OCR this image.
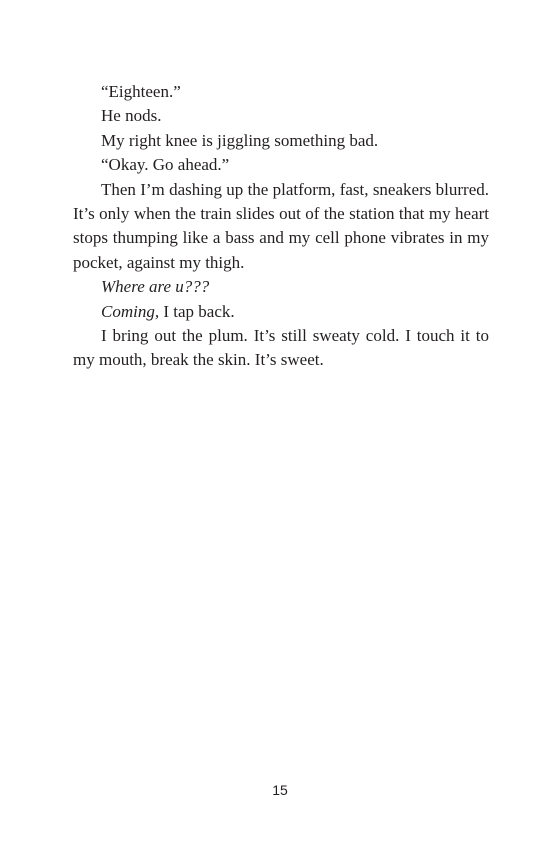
“Eighteen.”

He nods.

My right knee is jiggling something bad.

“Okay. Go ahead.”

Then I’m dashing up the platform, fast, sneakers blurred. It’s only when the train slides out of the station that my heart stops thumping like a bass and my cell phone vibrates in my pocket, against my thigh.

Where are u???

Coming, I tap back.

I bring out the plum. It’s still sweaty cold. I touch it to my mouth, break the skin. It’s sweet.

15
